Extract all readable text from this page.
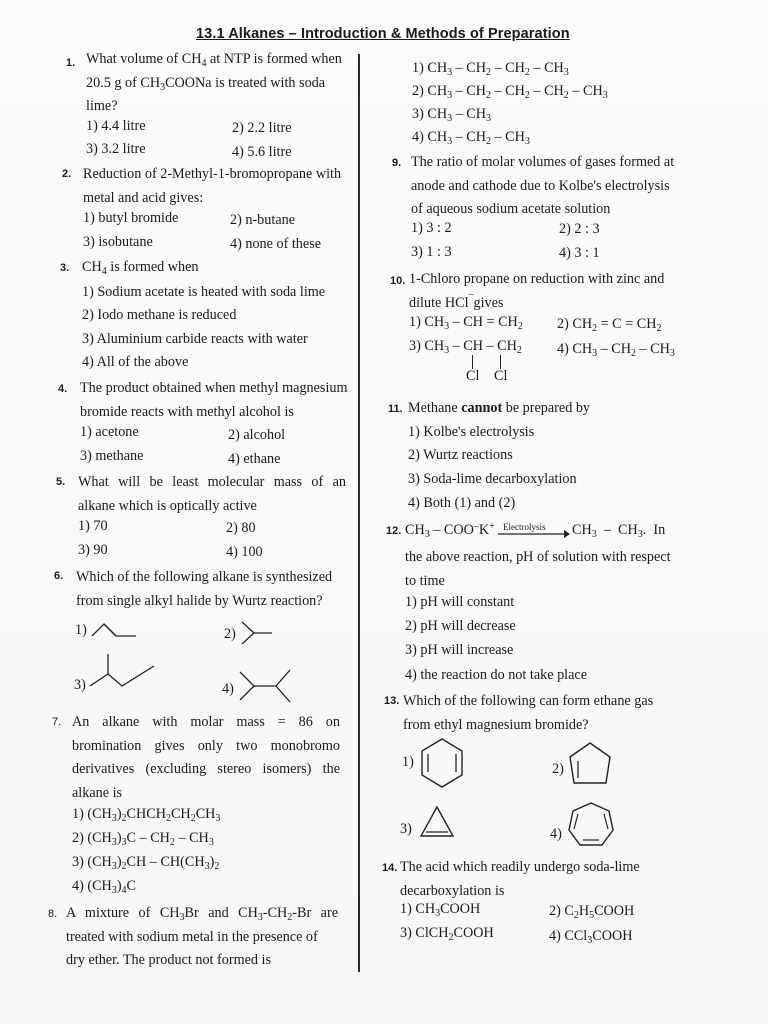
13.1 Alkanes – Introduction & Methods of Preparation
1. What volume of $CH_4$ at NTP is formed when
20.5 g of $CH_3COONa$ is treated with soda
lime?
1) 4.4 litre	2) 2.2 litre
3) 3.2 litre	4) 5.6 litre
2. Reduction of 2-Methyl-1-bromopropane with
metal and acid gives:
1) butyl bromide	2) n-butane
3) isobutane	4) none of these
3. $CH_4$ is formed when
1) Sodium acetate is heated with soda lime
2) Iodo methane is reduced
3) Aluminium carbide reacts with water
4) All of the above
4. The product obtained when methyl magnesium
bromide reacts with methyl alcohol is
1) acetone	2) alcohol
3) methane	4) ethane
5. What will be least molecular mass of an
alkane which is optically active
1) 70	2) 80
3) 90	4) 100
6. Which of the following alkane is synthesized
from single alkyl halide by Wurtz reaction?
1)	2)
3)	4)
7. An alkane with molar mass = 86 on
bromination gives only two monobromo
derivatives (excluding stereo isomers) the
alkane is
1) $(CH_3)_2CHCH_2CH_2CH_3$
2) $(CH_3)_3C - CH_2 - CH_3$
3) $(CH_3)_2CH - CH(CH_3)_2$
4) $(CH_3)_4C$
8. A mixture of $CH_3Br$ and $CH_3-CH_2-Br$ are
treated with sodium metal in the presence of
dry ether. The product not formed is
1) $CH_3 - CH_2 - CH_2 - CH_3$
2) $CH_3 - CH_2 - CH_2 - CH_2 - CH_3$
3) $CH_3 - CH_3$
4) $CH_3 - CH_2 - CH_3$
9. The ratio of molar volumes of gases formed at
anode and cathode due to Kolbe's electrolysis
of aqueous sodium acetate solution
1) 3 : 2	2) 2 : 3
3) 1 : 3	4) 3 : 1
10. 1-Chloro propane on reduction with zinc and
dilute HCl¯gives
1) $CH_3$ – CH = $CH_2$ 2) $CH_2 = C = CH_2$
3) $CH_3$ – CH – $CH_2$ 4) $CH_3 - CH_2 - CH_3$
Cl Cl
11. Methane cannot be prepared by
1) Kolbe's electrolysis
2) Wurtz reactions
3) Soda-lime decarboxylation
4) Both (1) and (2)
12. $CH_3 - COO^-K^+$ Electrolysis $CH_3 - CH_3$.  In
the above reaction, pH of solution with respect
to time
1) pH will constant
2) pH will decrease
3) pH will increase
4) the reaction do not take place
13. Which of the following can form ethane gas
from ethyl magnesium bromide?
1)	2)
3)	4)
14. The acid which readily undergo soda-lime
decarboxylation is
1) $CH_3COOH$	2) $C_2H_5COOH$
3) ClCH$_2$COOH	4) CCl$_3$COOH
